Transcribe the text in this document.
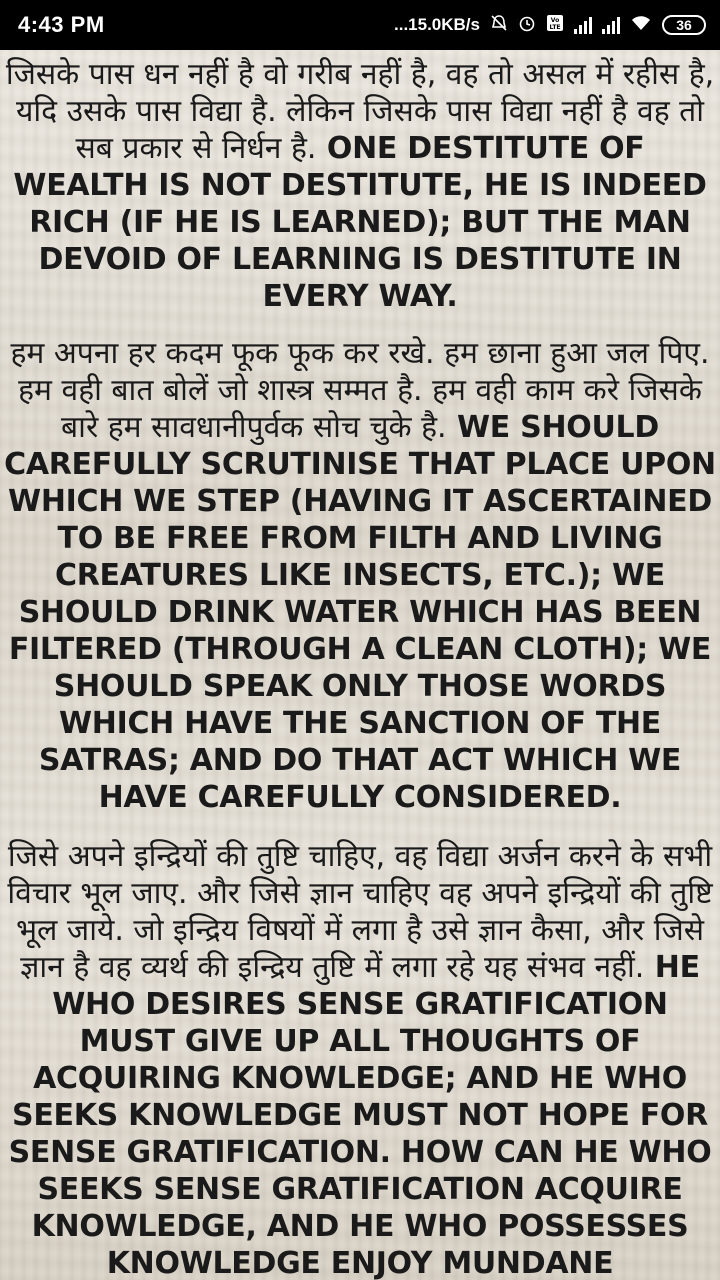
4:43 PM	...15.0KB/s	Vo
LTE	36

जिसके पास धन नहीं है वो गरीब नहीं है, वह तो असल में रहीस है, यदि उसके पास विद्या है. लेकिन जिसके पास विद्या नहीं है वह तो सब प्रकार से निर्धन है. ONE DESTITUTE OF WEALTH IS NOT DESTITUTE, HE IS INDEED RICH (IF HE IS LEARNED); BUT THE MAN DEVOID OF LEARNING IS DESTITUTE IN EVERY WAY.

हम अपना हर कदम फूक फूक कर रखे. हम छाना हुआ जल पिए. हम वही बात बोलें जो शास्त्र सम्मत है. हम वही काम करे जिसके बारे हम सावधानीपुर्वक सोच चुके है. WE SHOULD CAREFULLY SCRUTINISE THAT PLACE UPON WHICH WE STEP (HAVING IT ASCERTAINED TO BE FREE FROM FILTH AND LIVING CREATURES LIKE INSECTS, ETC.); WE SHOULD DRINK WATER WHICH HAS BEEN FILTERED (THROUGH A CLEAN CLOTH); WE SHOULD SPEAK ONLY THOSE WORDS WHICH HAVE THE SANCTION OF THE SATRAS; AND DO THAT ACT WHICH WE HAVE CAREFULLY CONSIDERED.

जिसे अपने इन्द्रियों की तुष्टि चाहिए, वह विद्या अर्जन करने के सभी विचार भूल जाए. और जिसे ज्ञान चाहिए वह अपने इन्द्रियों की तुष्टि भूल जाये. जो इन्द्रिय विषयों में लगा है उसे ज्ञान कैसा, और जिसे ज्ञान है वह व्यर्थ की इन्द्रिय तुष्टि में लगा रहे यह संभव नहीं. HE WHO DESIRES SENSE GRATIFICATION MUST GIVE UP ALL THOUGHTS OF ACQUIRING KNOWLEDGE; AND HE WHO SEEKS KNOWLEDGE MUST NOT HOPE FOR SENSE GRATIFICATION. HOW CAN HE WHO SEEKS SENSE GRATIFICATION ACQUIRE KNOWLEDGE, AND HE WHO POSSESSES KNOWLEDGE ENJOY MUNDANE
